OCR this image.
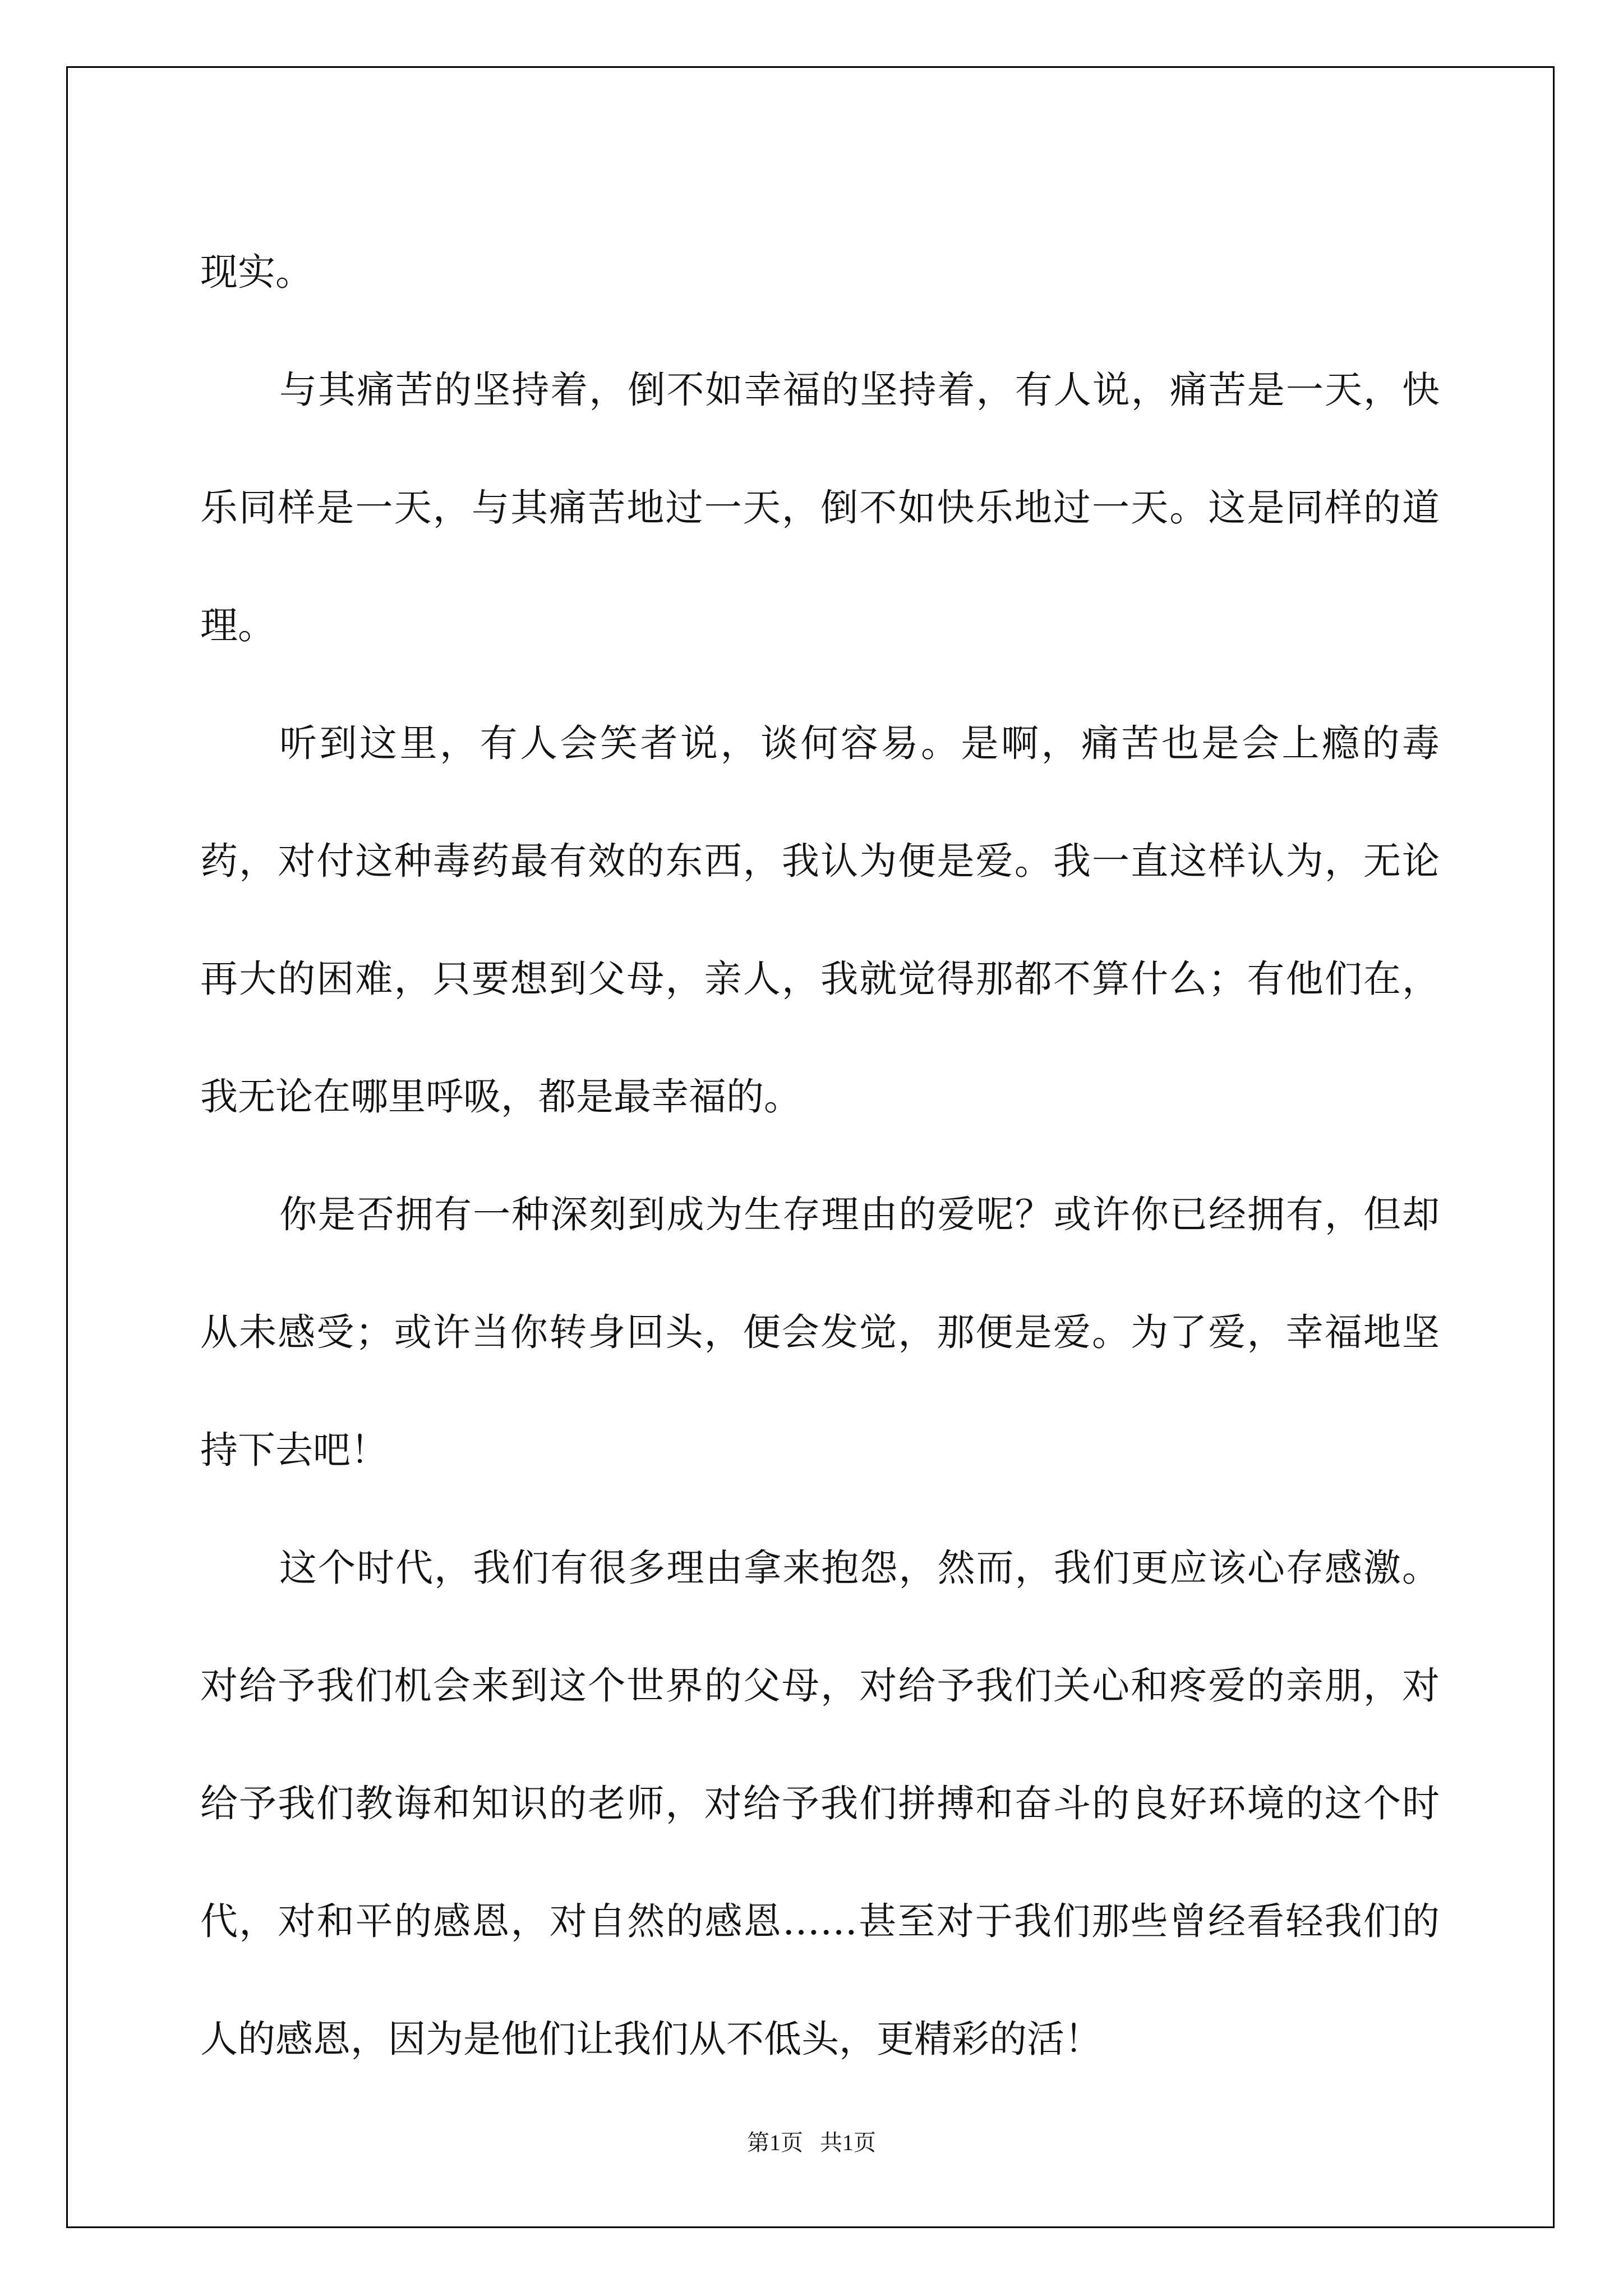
现实。

与其痛苦的坚持着，倒不如幸福的坚持着，有人说，痛苦是一天，快乐同样是一天，与其痛苦地过一天，倒不如快乐地过一天。这是同样的道理。

听到这里，有人会笑者说，谈何容易。是啊，痛苦也是会上瘾的毒药，对付这种毒药最有效的东西，我认为便是爱。我一直这样认为，无论再大的困难，只要想到父母，亲人，我就觉得那都不算什么；有他们在，我无论在哪里呼吸，都是最幸福的。

你是否拥有一种深刻到成为生存理由的爱呢？或许你已经拥有，但却从未感受；或许当你转身回头，便会发觉，那便是爱。为了爱，幸福地坚持下去吧！

这个时代，我们有很多理由拿来抱怨，然而，我们更应该心存感激。对给予我们机会来到这个世界的父母，对给予我们关心和疼爱的亲朋，对给予我们教诲和知识的老师，对给予我们拼搏和奋斗的良好环境的这个时代，对和平的感恩，对自然的感恩……甚至对于我们那些曾经看轻我们的人的感恩，因为是他们让我们从不低头，更精彩的活！

第1页 共1页
